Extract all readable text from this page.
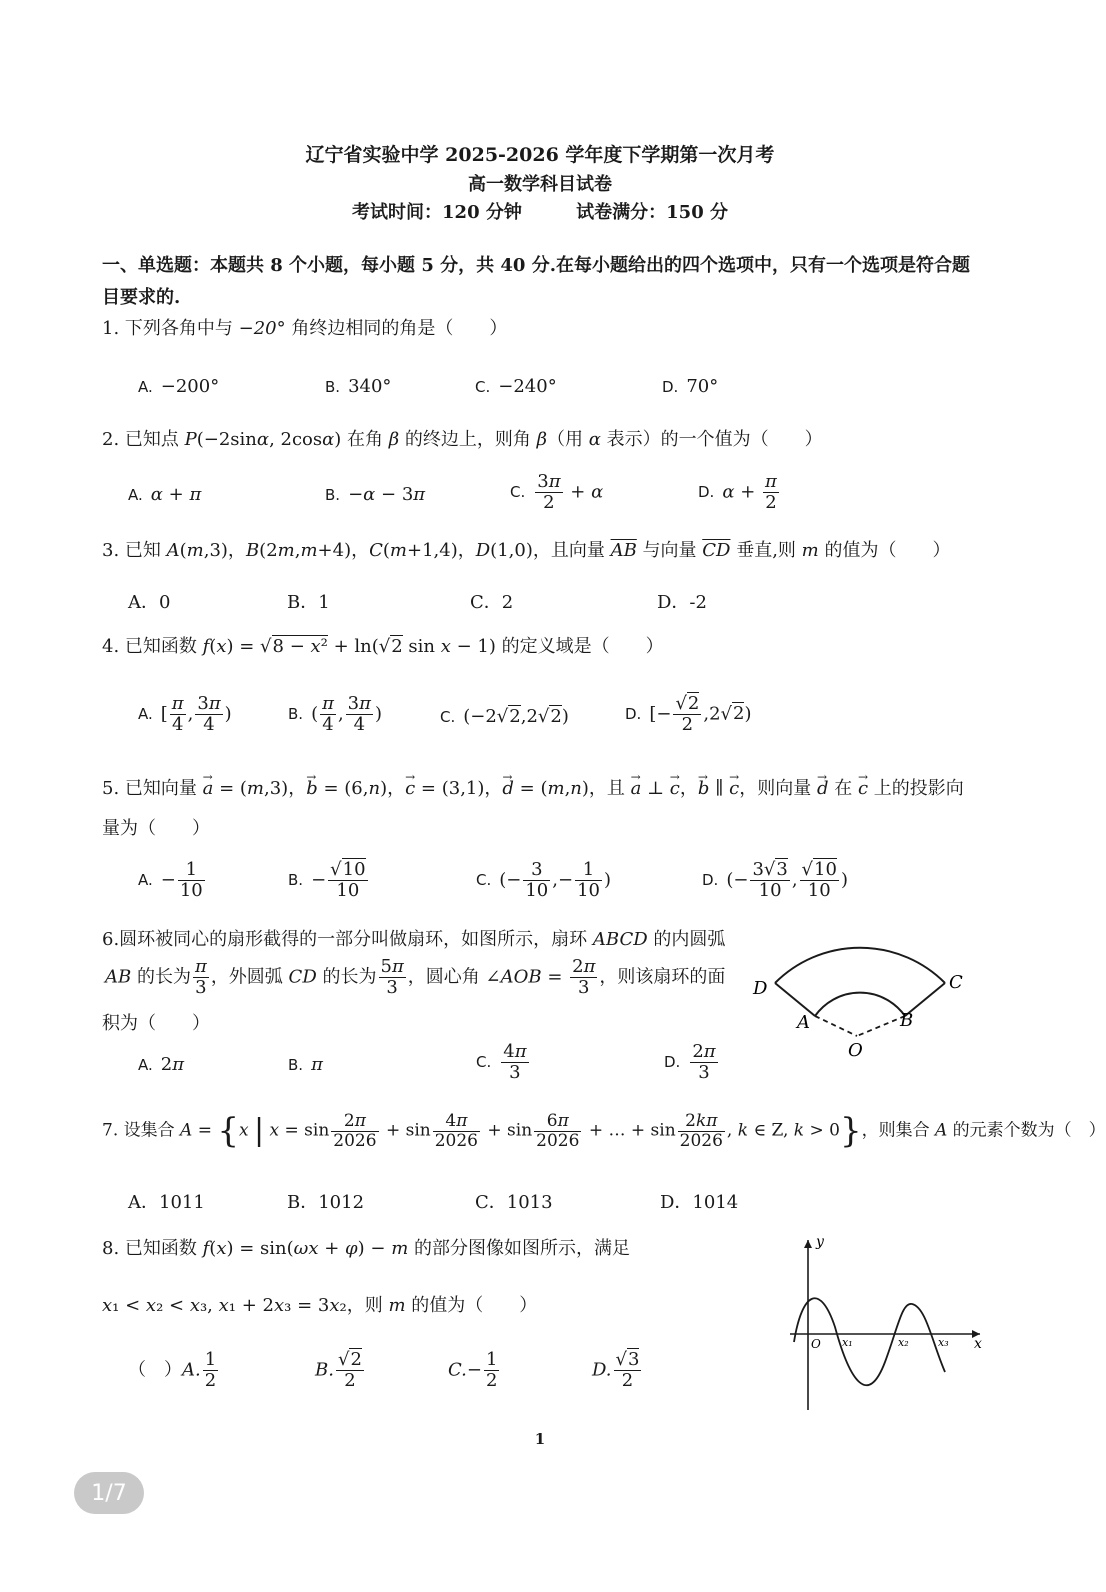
辽宁省实验中学 2025-2026 学年度下学期第一次月考
高一数学科目试卷
考试时间：120 分钟	试卷满分：150 分
一、单选题：本题共 8 个小题，每小题 5 分，共 40 分.在每小题给出的四个选项中，只有一个选项是符合题目要求的.
1. 下列各角中与 −20° 角终边相同的角是（　　）
A. −200°	B. 340°	C. −240°	D. 70°
2. 已知点 P(−2sinα, 2cosα) 在角 β 的终边上，则角 β（用 α 表示）的一个值为（　　）
A. α + π	B. −α − 3π	C. $\frac{3\pi}{2} + \alpha$	D. $\alpha + \frac{\pi}{2}$
3. 已知 A(m,3)，B(2m,m+4)，C(m+1,4)，D(1,0)，且向量 $\overline{AB}$ 与向量 $\overline{CD}$ 垂直,则 m 的值为（　　）
A．0	B．1	C．2	D．-2
4. 已知函数 f(x) = √8 − x² + ln(√2 sin x − 1) 的定义域是（　　）
A. [ $\frac{\pi}{4}$ , $\frac{3\pi}{4}$ )	B. ( $\frac{\pi}{4}$ , $\frac{3\pi}{4}$ )	C. (−2√2,2√2)	D. [− $\frac{√2}{2} ,2√2$)
5. 已知向量 → a = (m,3)，→ b = (6,n)，→ c = (3,1)，→ d = (m,n)，且 → a ⊥ → c，→ b ∥ → c，则向量 → d 在 → c 上的投影向
量为（　　）
A. − $\frac{1}{10}$	B. − $\frac{√10}{10}$	C. (− $\frac{3}{10}$ ,− $\frac{1}{10}$ )	D. (− $\frac{3√3}{10}$ , $\frac{√10}{10}$ )
6.圆环被同心的扇形截得的一部分叫做扇环，如图所示，扇环 ABCD 的内圆弧
AB 的长为 $\frac{\pi}{3}$ ，外圆弧 CD 的长为 $\frac{5\pi}{3}$ ，圆心角 ∠AOB = $\frac{2\pi}{3}$ ，则该扇环的面
积为（　　）
D	C
A	B
O
A. 2π	B. π	C. $\frac{4\pi}{3}$	D. $\frac{2\pi}{3}$
7. 设集合 A = {x | $x = \sin \frac{2\pi}{2026} + \sin \frac{4\pi}{2026} + \sin \frac{6\pi}{2026}$ + … + $\sin \frac{2k\pi}{2026}$ , k ∈ Z, k > 0}，则集合 A 的元素个数为（　）
A．1011	B．1012	C．1013	D．1014
8. 已知函数 f(x) = sin(ωx + φ) − m 的部分图像如图所示，满足
x₁ < x₂ < x₃, x₁ + 2x₃ = 3x₂，则 m 的值为（　　）
（　）A. $\frac{1}{2}$	B. $\frac{√2}{2}$	$C.- \frac{1}{2}$	D. $\frac{√3}{2}$
y
O x₁	x₂	x₃ x
1
1/7
